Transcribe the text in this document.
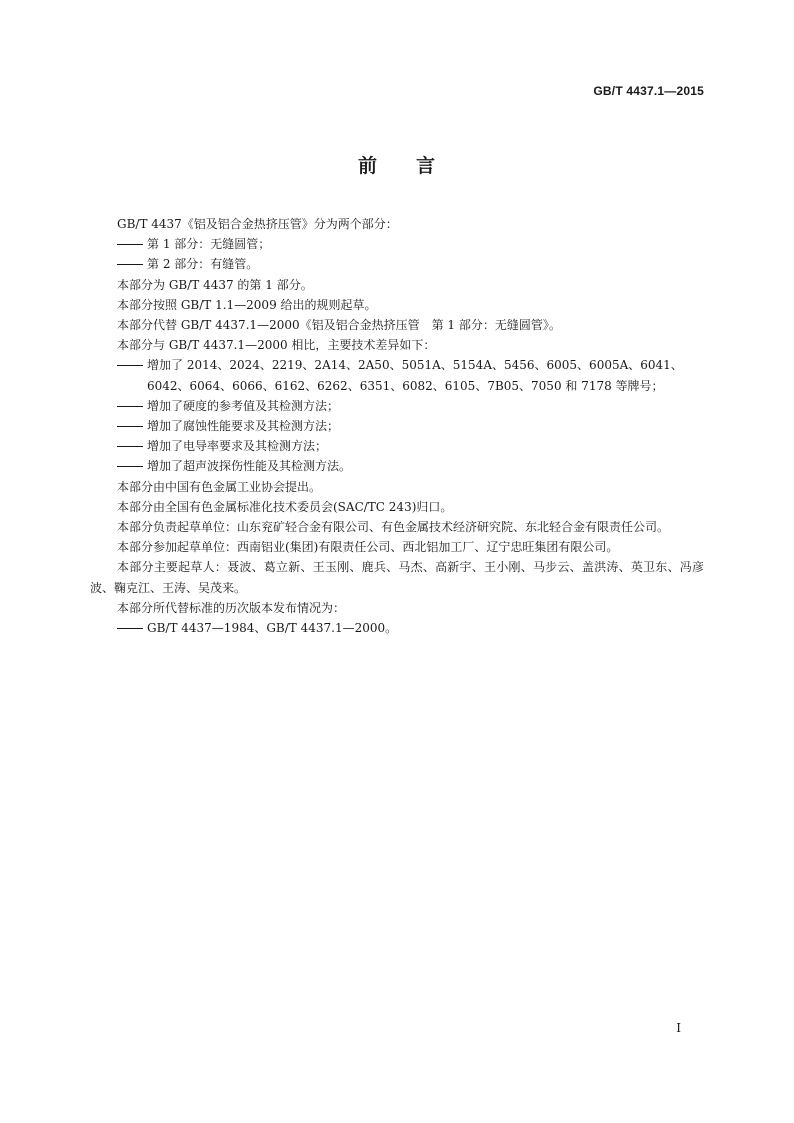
GB/T 4437.1—2015
前 言

GB/T 4437《铝及铝合金热挤压管》分为两个部分：

第 1 部分：无缝圆管；

第 2 部分：有缝管。

本部分为 GB/T 4437 的第 1 部分。

本部分按照 GB/T 1.1—2009 给出的规则起草。

本部分代替 GB/T 4437.1—2000《铝及铝合金热挤压管　第 1 部分：无缝圆管》。

本部分与 GB/T 4437.1—2000 相比，主要技术差异如下：

增加了 2014、2024、2219、2A14、2A50、5051A、5154A、5456、6005、6005A、6041、6042、6064、6066、6162、6262、6351、6082、6105、7B05、7050 和 7178 等牌号；

增加了硬度的参考值及其检测方法；

增加了腐蚀性能要求及其检测方法；

增加了电导率要求及其检测方法；

增加了超声波探伤性能及其检测方法。

本部分由中国有色金属工业协会提出。

本部分由全国有色金属标准化技术委员会(SAC/TC 243)归口。

本部分负责起草单位：山东兖矿轻合金有限公司、有色金属技术经济研究院、东北轻合金有限责任公司。

本部分参加起草单位：西南铝业(集团)有限责任公司、西北铝加工厂、辽宁忠旺集团有限公司。

本部分主要起草人：聂波、葛立新、王玉刚、鹿兵、马杰、高新宇、王小刚、马步云、盖洪涛、英卫东、冯彦波、鞠克江、王涛、吴茂来。

本部分所代替标准的历次版本发布情况为：

GB/T 4437—1984、GB/T 4437.1—2000。

I
